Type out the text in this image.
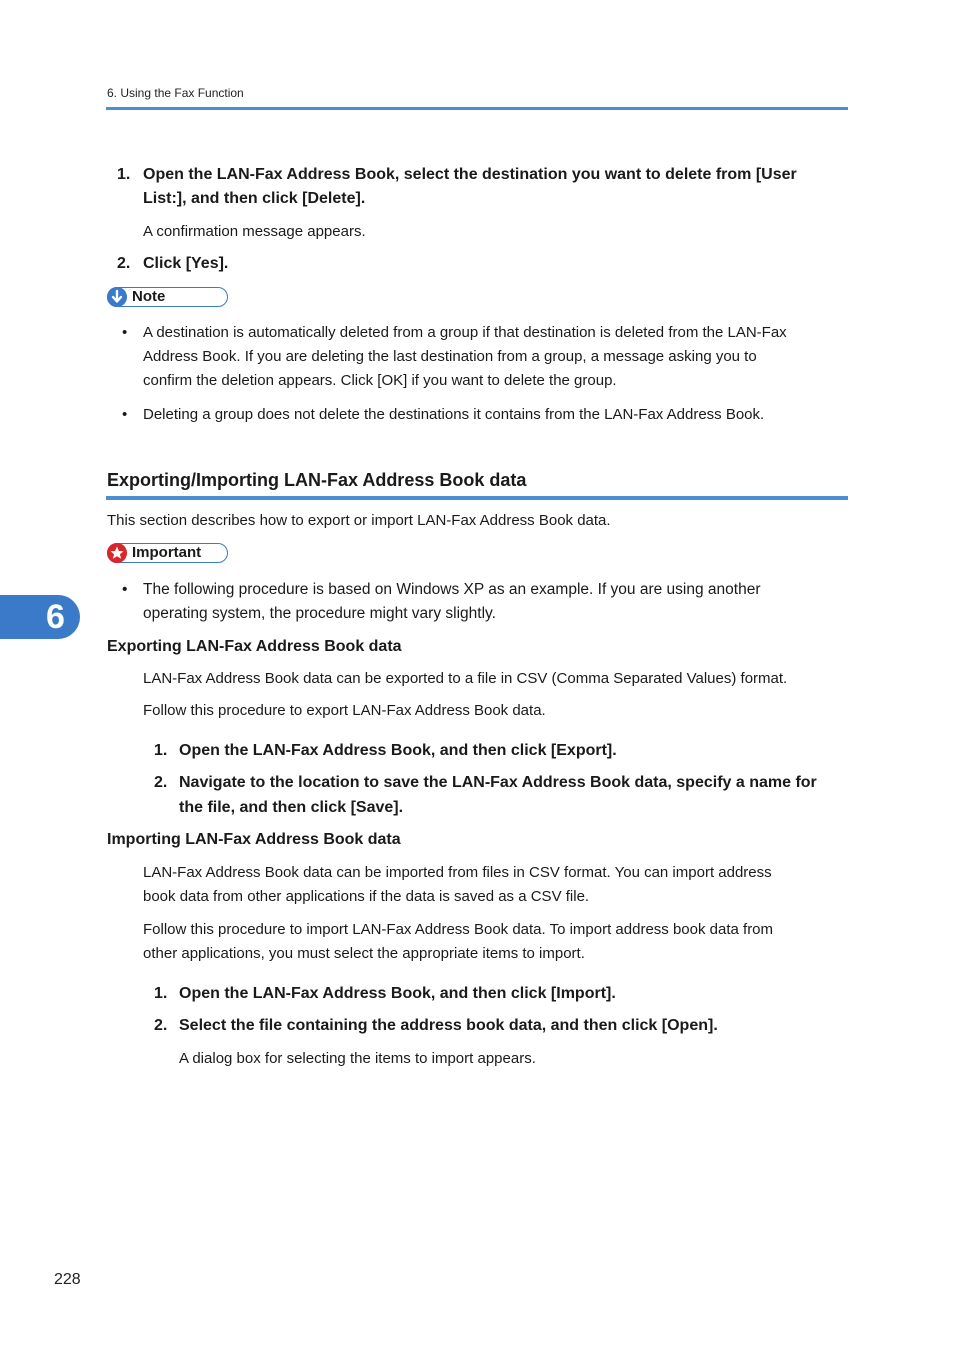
6. Using the Fax Function
1. Open the LAN-Fax Address Book, select the destination you want to delete from [User
List:], and then click [Delete].
A confirmation message appears.
2. Click [Yes].
Note
• A destination is automatically deleted from a group if that destination is deleted from the LAN-Fax
Address Book. If you are deleting the last destination from a group, a message asking you to
confirm the deletion appears. Click [OK] if you want to delete the group.
• Deleting a group does not delete the destinations it contains from the LAN-Fax Address Book.
Exporting/Importing LAN-Fax Address Book data
This section describes how to export or import LAN-Fax Address Book data.
Important
• The following procedure is based on Windows XP as an example. If you are using another
operating system, the procedure might vary slightly.
6
Exporting LAN-Fax Address Book data
LAN-Fax Address Book data can be exported to a file in CSV (Comma Separated Values) format.
Follow this procedure to export LAN-Fax Address Book data.
1. Open the LAN-Fax Address Book, and then click [Export].
2. Navigate to the location to save the LAN-Fax Address Book data, specify a name for
the file, and then click [Save].
Importing LAN-Fax Address Book data
LAN-Fax Address Book data can be imported from files in CSV format. You can import address
book data from other applications if the data is saved as a CSV file.
Follow this procedure to import LAN-Fax Address Book data. To import address book data from
other applications, you must select the appropriate items to import.
1. Open the LAN-Fax Address Book, and then click [Import].
2. Select the file containing the address book data, and then click [Open].
A dialog box for selecting the items to import appears.
228
